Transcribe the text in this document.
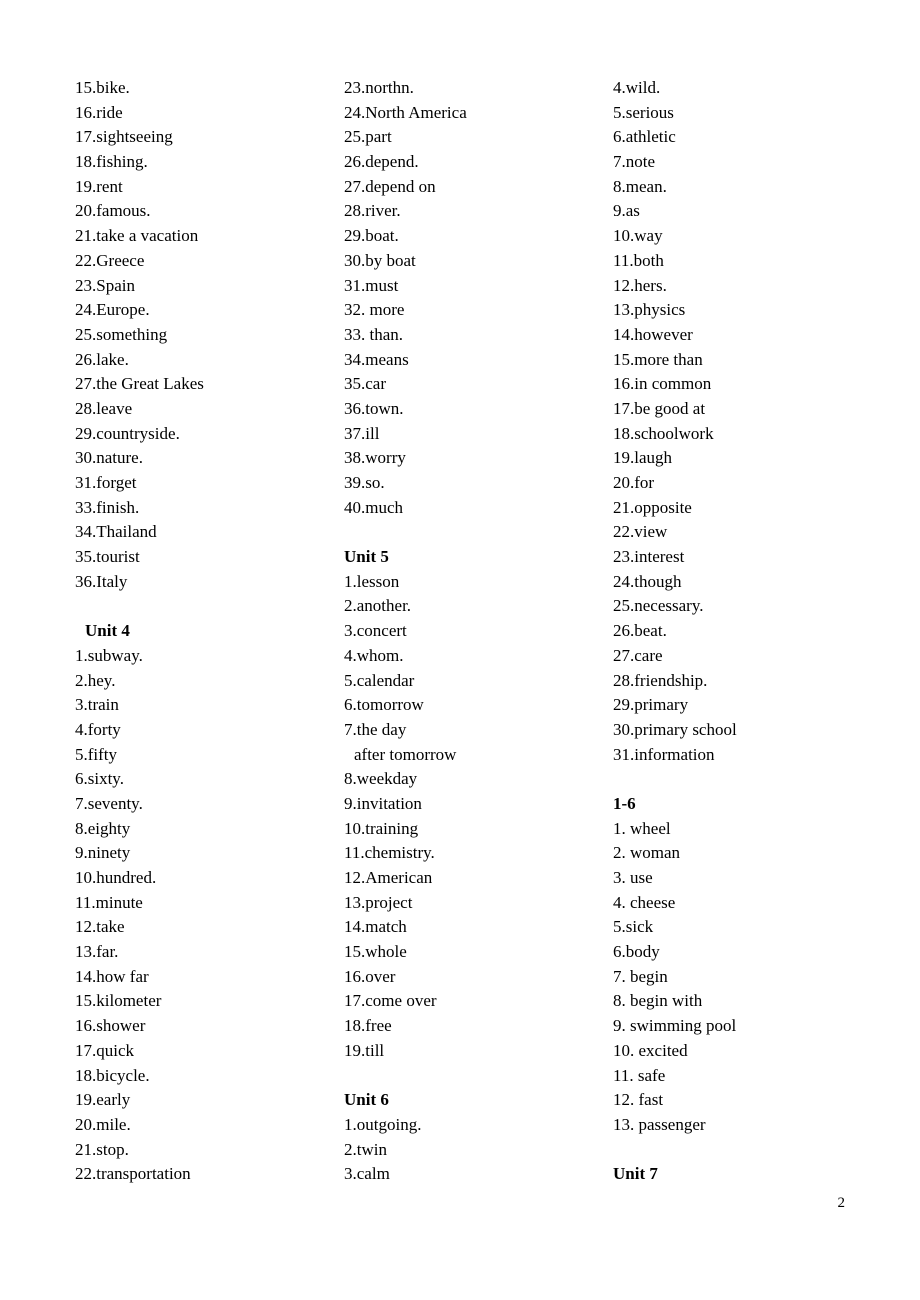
15.bike.
16.ride
17.sightseeing
18.fishing.
19.rent
20.famous.
21.take a vacation
22.Greece
23.Spain
24.Europe.
25.something
26.lake.
27.the Great Lakes
28.leave
29.countryside.
30.nature.
31.forget
33.finish.
34.Thailand
35.tourist
36.Italy
Unit 4
1.subway.
2.hey.
3.train
4.forty
5.fifty
6.sixty.
7.seventy.
8.eighty
9.ninety
10.hundred.
11.minute
12.take
13.far.
14.how far
15.kilometer
16.shower
17.quick
18.bicycle.
19.early
20.mile.
21.stop.
22.transportation
23.northn.
24.North America
25.part
26.depend.
27.depend on
28.river.
29.boat.
30.by boat
31.must
32. more
33. than.
34.means
35.car
36.town.
37.ill
38.worry
39.so.
40.much
Unit 5
1.lesson
2.another.
3.concert
4.whom.
5.calendar
6.tomorrow
7.the day
after tomorrow
8.weekday
9.invitation
10.training
11.chemistry.
12.American
13.project
14.match
15.whole
16.over
17.come over
18.free
19.till
Unit 6
1.outgoing.
2.twin
3.calm
4.wild.
5.serious
6.athletic
7.note
8.mean.
9.as
10.way
11.both
12.hers.
13.physics
14.however
15.more than
16.in common
17.be good at
18.schoolwork
19.laugh
20.for
21.opposite
22.view
23.interest
24.though
25.necessary.
26.beat.
27.care
28.friendship.
29.primary
30.primary school
31.information
1-6
1. wheel
2. woman
3. use
4. cheese
5.sick
6.body
7. begin
8. begin with
9. swimming pool
10. excited
11. safe
12. fast
13. passenger
Unit 7
2
